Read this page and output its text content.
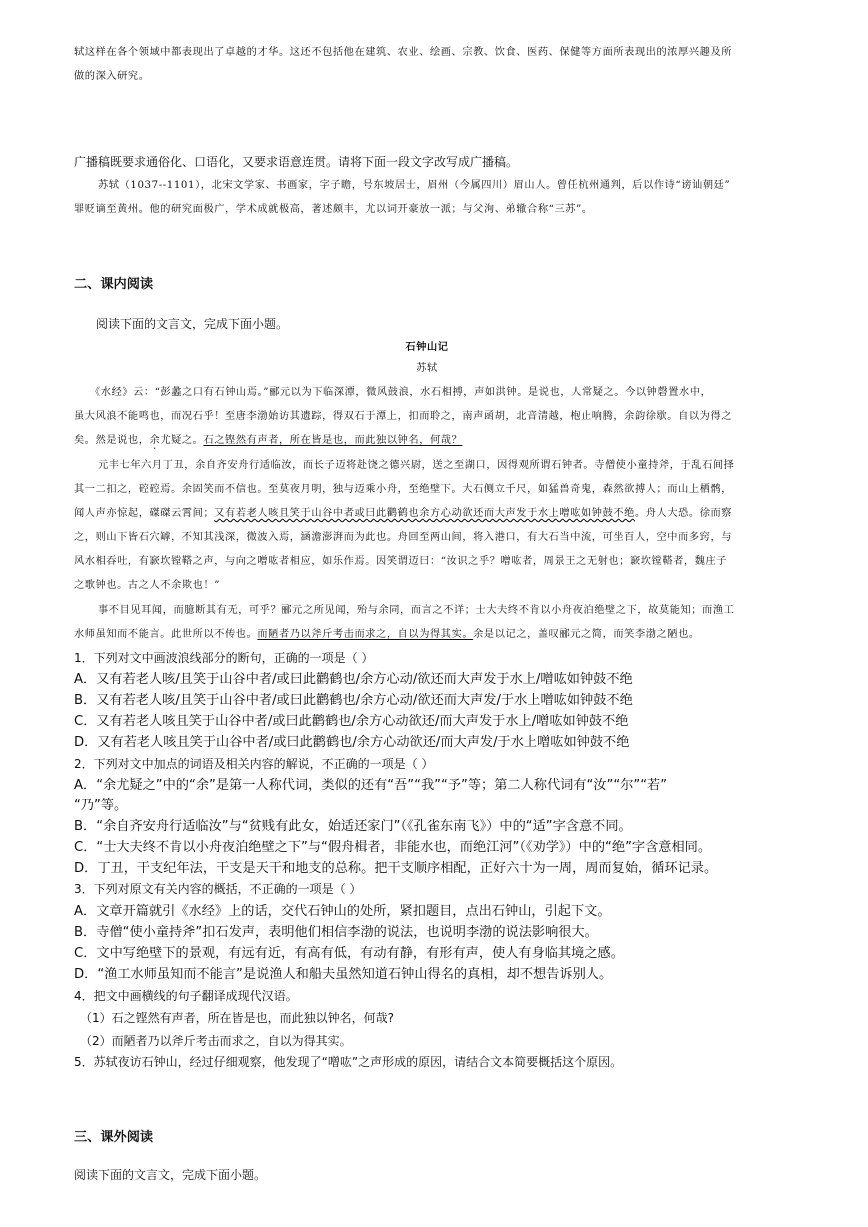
轼这样在各个领域中都表现出了卓越的才华。这还不包括他在建筑、农业、绘画、宗教、饮食、医药、保健等方面所表现出的浓厚兴趣及所
做的深入研究。
广播稿既要求通俗化、口语化，又要求语意连贯。请将下面一段文字改写成广播稿。
苏轼（1037--1101），北宋文学家、书画家，字子瞻，号东坡居士，眉州（今属四川）眉山人。曾任杭州通判，后以作诗“谤讪朝廷”
罪贬谪至黄州。他的研究面极广，学术成就极高，著述颇丰，尤以词开豪放一派；与父洵、弟辙合称“三苏”。
二、课内阅读
阅读下面的文言文，完成下面小题。
石钟山记
苏轼
《水经》云：“彭蠡之口有石钟山焉。”郦元以为下临深潭，微风鼓浪，水石相搏，声如洪钟。是说也，人常疑之。今以钟磬置水中，
虽大风浪不能鸣也，而况石乎！至唐李渤始访其遗踪，得双石于潭上，扣而聆之，南声函胡，北音清越，枹止响腾，余韵徐歇。自以为得之
矣。然是说也，余尤疑之。石之铿然有声者，所在皆是也，而此独以钟名，何哉？
元丰七年六月丁丑，余自齐安舟行适临汝，而长子迈将赴饶之德兴尉，送之至湖口，因得观所谓石钟者。寺僧使小童持斧，于乱石间择
其一二扣之，硿硿焉。余固笑而不信也。至莫夜月明，独与迈乘小舟，至绝壁下。大石侧立千尺，如猛兽奇鬼，森然欲搏人；而山上栖鹘，
闻人声亦惊起，磔磔云霄间；又有若老人咳且笑于山谷中者或曰此鹳鹤也余方心动欲还而大声发于水上噌吰如钟鼓不绝。舟人大恐。徐而察
之，则山下皆石穴罅，不知其浅深，微波入焉，涵澹澎湃而为此也。舟回至两山间，将入港口，有大石当中流，可坐百人，空中而多窍，与
风水相吞吐，有窾坎镗鞳之声，与向之噌吰者相应，如乐作焉。因笑谓迈曰：“汝识之乎？噌吰者，周景王之无射也；窾坎镗鞳者，魏庄子
之歌钟也。古之人不余欺也！”
事不目见耳闻，而臆断其有无，可乎？郦元之所见闻，殆与余同，而言之不详；士大夫终不肯以小舟夜泊绝壁之下，故莫能知；而渔工
水师虽知而不能言。此世所以不传也。而陋者乃以斧斤考击而求之，自以为得其实。余是以记之，盖叹郦元之简，而笑李渤之陋也。
1．下列对文中画波浪线部分的断句，正确的一项是（ ）
A．又有若老人咳/且笑于山谷中者/或曰此鹳鹤也/余方心动/欲还而大声发于水上/噌吰如钟鼓不绝
B．又有若老人咳/且笑于山谷中者/或曰此鹳鹤也/余方心动/欲还而大声发/于水上噌吰如钟鼓不绝
C．又有若老人咳且笑于山谷中者/或曰此鹳鹤也/余方心动欲还/而大声发于水上/噌吰如钟鼓不绝
D．又有若老人咳且笑于山谷中者/或曰此鹳鹤也/余方心动欲还/而大声发/于水上噌吰如钟鼓不绝
2．下列对文中加点的词语及相关内容的解说，不正确的一项是（ ）
A．“余尤疑之”中的“余”是第一人称代词，类似的还有“吾”“我”“予”等；第二人称代词有“汝”“尔”“若”
“乃”等。
B．“余自齐安舟行适临汝”与“贫贱有此女，始适还家门”（《孔雀东南飞》）中的“适”字含意不同。
C．“士大夫终不肯以小舟夜泊绝壁之下”与“假舟楫者，非能水也，而绝江河”（《劝学》）中的“绝”字含意相同。
D．丁丑，干支纪年法，干支是天干和地支的总称。把干支顺序相配，正好六十为一周，周而复始，循环记录。
3．下列对原文有关内容的概括，不正确的一项是（ ）
A．文章开篇就引《水经》上的话，交代石钟山的处所，紧扣题目，点出石钟山，引起下文。
B．寺僧“使小童持斧”扣石发声，表明他们相信李渤的说法，也说明李渤的说法影响很大。
C．文中写绝壁下的景观，有远有近，有高有低，有动有静，有形有声，使人有身临其境之感。
D．“渔工水师虽知而不能言”是说渔人和船夫虽然知道石钟山得名的真相，却不想告诉别人。
4．把文中画横线的句子翻译成现代汉语。
（1）石之铿然有声者，所在皆是也，而此独以钟名，何哉?
（2）而陋者乃以斧斤考击而求之，自以为得其实。
5．苏轼夜访石钟山，经过仔细观察，他发现了“噌吰”之声形成的原因，请结合文本简要概括这个原因。
三、课外阅读
阅读下面的文言文，完成下面小题。
